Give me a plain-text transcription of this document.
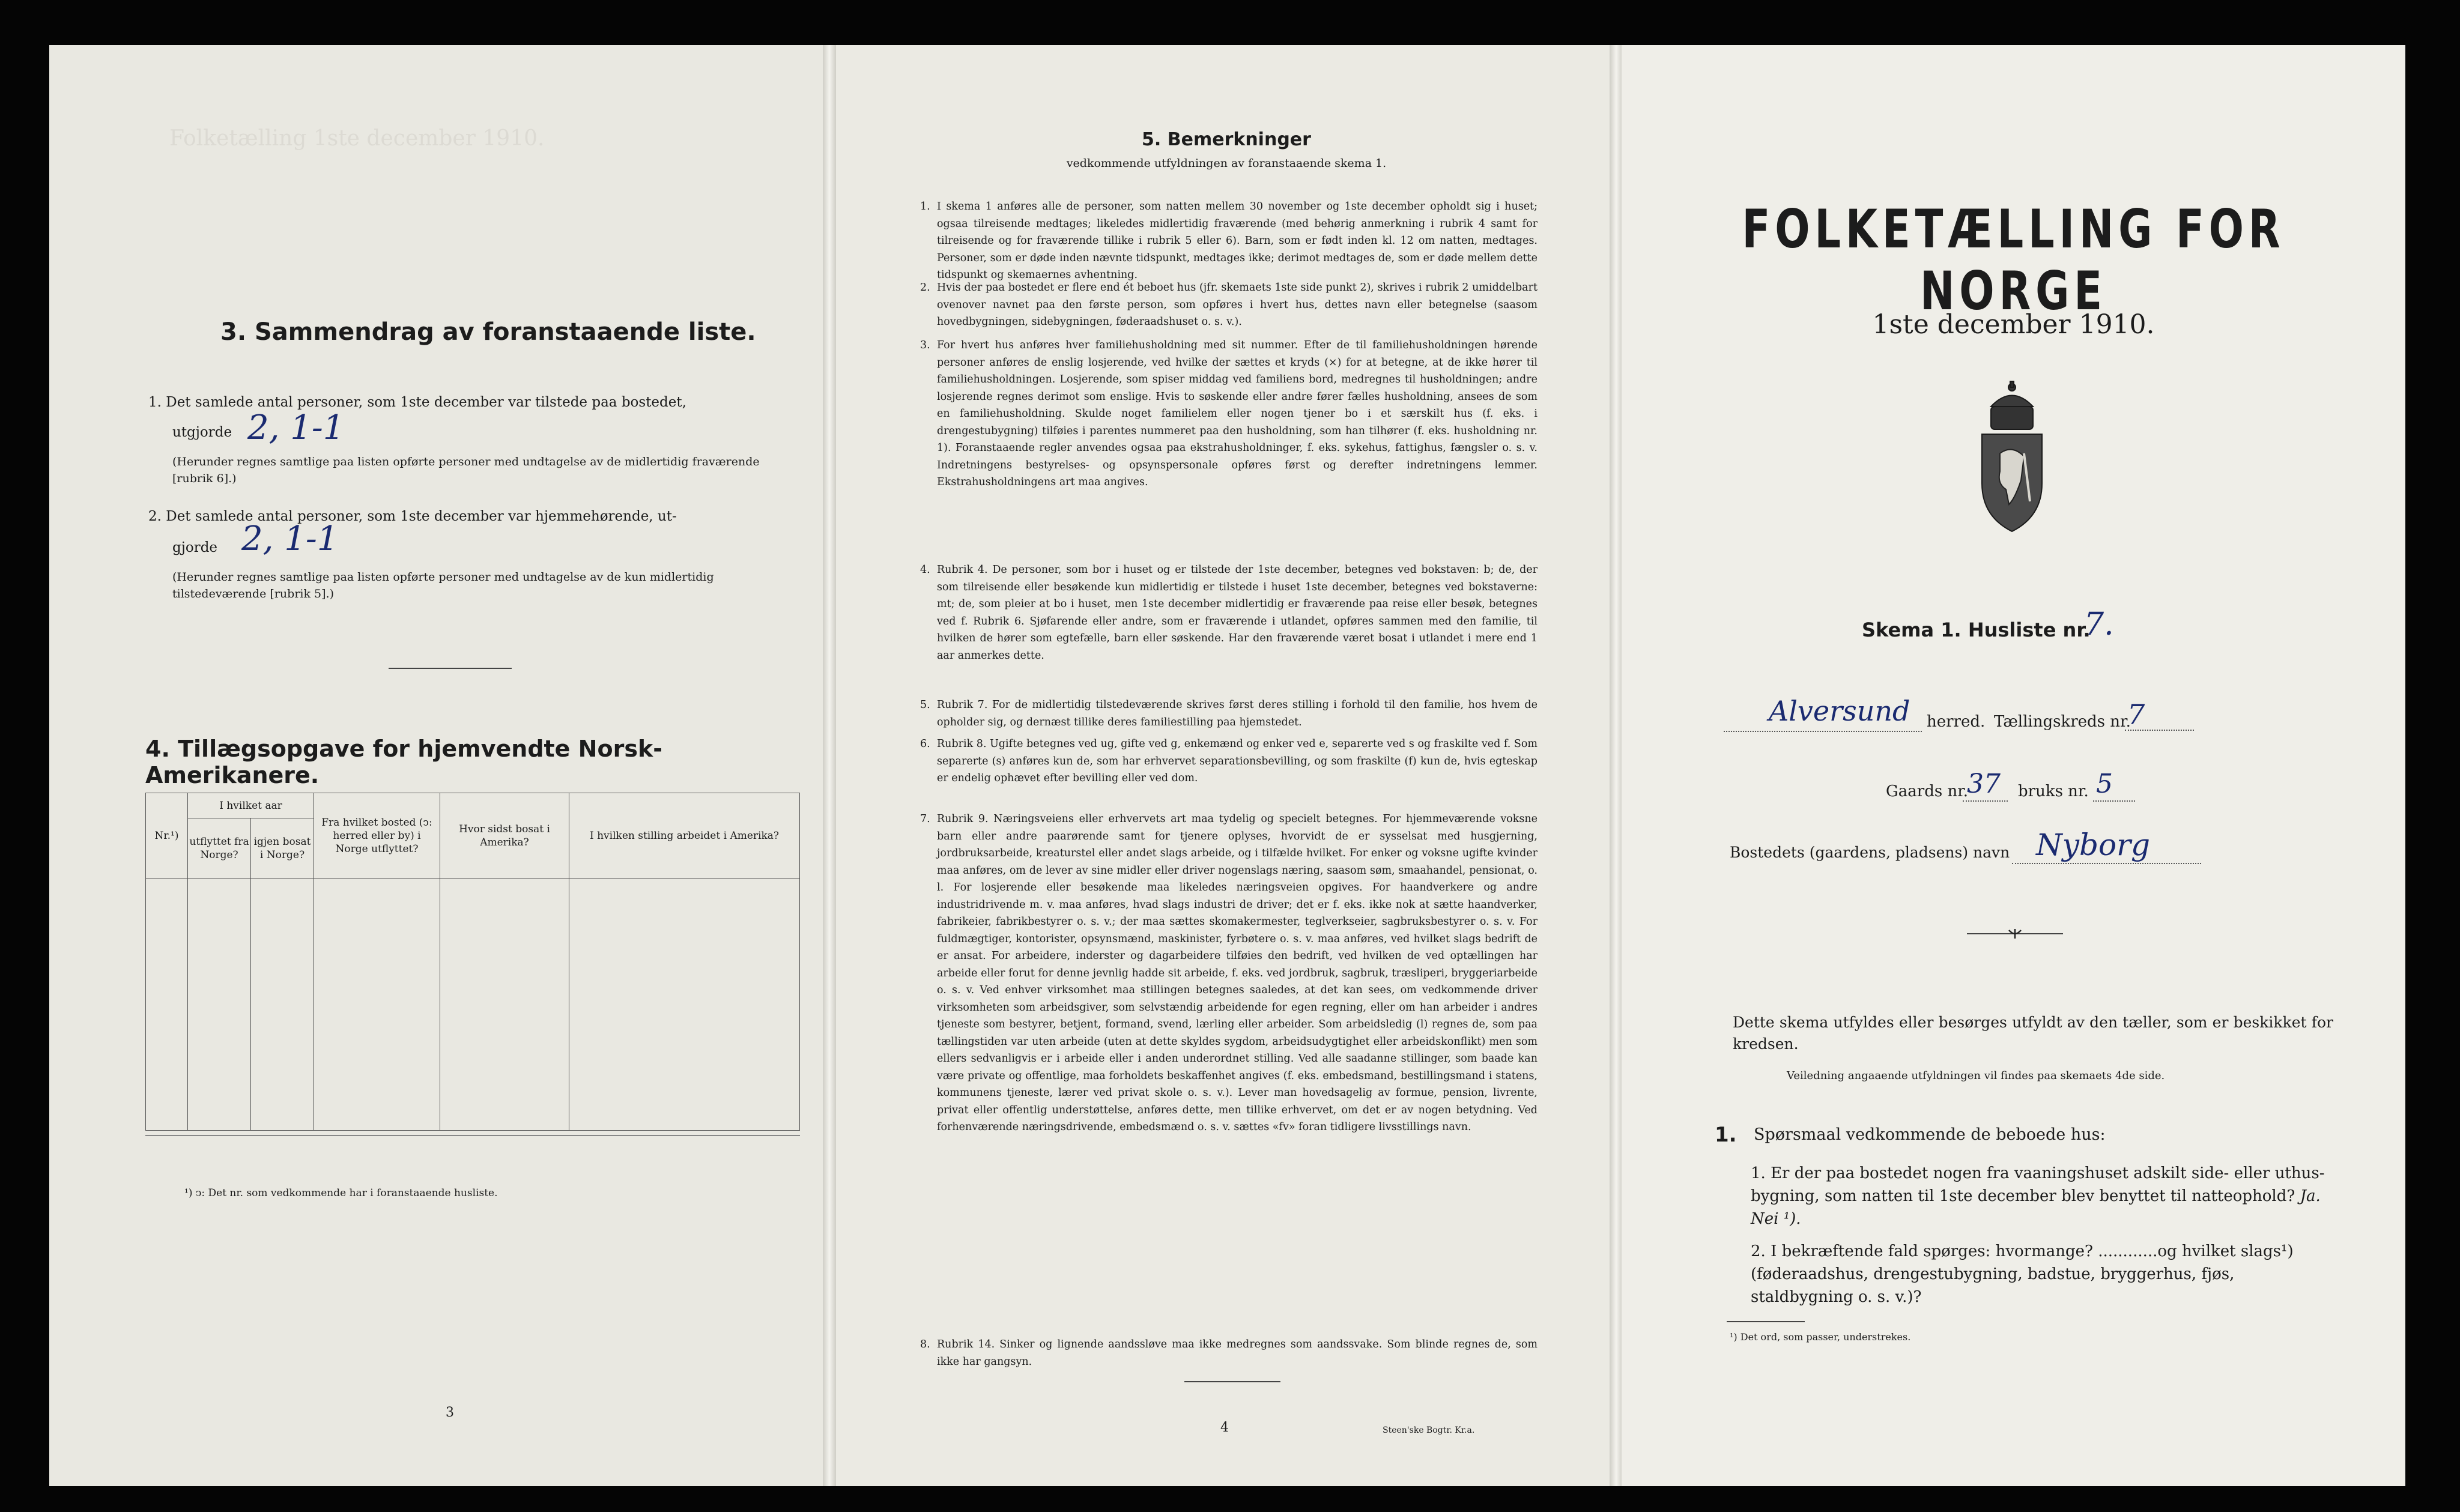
Folketælling 1ste december 1910.
3. Sammendrag av foranstaaende liste.
1. Det samlede antal personer, som 1ste december var tilstede paa bostedet,
utgjorde 2, 1-1
(Herunder regnes samtlige paa listen opførte personer med undtagelse av de midlertidig fraværende [rubrik 6].)
2. Det samlede antal personer, som 1ste december var hjemmehørende, ut-
gjorde 2, 1-1
(Herunder regnes samtlige paa listen opførte personer med undtagelse av de kun midlertidig tilstedeværende [rubrik 5].)
4. Tillægsopgave for hjemvendte Norsk-Amerikanere.
Nr.¹)	I hvilket aar		Fra hvilket bosted (ↄ: herred eller by) i Norge utflyttet?	Hvor sidst bosat i Amerika?	I hvilken stilling arbeidet i Amerika?
	utflyttet fra Norge?	igjen bosat i Norge?			

¹) ↄ: Det nr. som vedkommende har i foranstaaende husliste.
3
5. Bemerkninger
vedkommende utfyldningen av foranstaaende skema 1.
1. I skema 1 anføres alle de personer, som natten mellem 30 november og 1ste december opholdt sig i huset; ogsaa tilreisende medtages; likeledes midlertidig fraværende (med behørig anmerkning i rubrik 4 samt for tilreisende og for fraværende tillike i rubrik 5 eller 6). Barn, som er født inden kl. 12 om natten, medtages. Personer, som er døde inden nævnte tidspunkt, medtages ikke; derimot medtages de, som er døde mellem dette tidspunkt og skemaernes avhentning.
2. Hvis der paa bostedet er flere end ét beboet hus (jfr. skemaets 1ste side punkt 2), skrives i rubrik 2 umiddelbart ovenover navnet paa den første person, som opføres i hvert hus, dettes navn eller betegnelse (saasom hovedbygningen, sidebygningen, føderaadshuset o. s. v.).
3. For hvert hus anføres hver familiehusholdning med sit nummer. Efter de til familiehusholdningen hørende personer anføres de enslig losjerende, ved hvilke der sættes et kryds (×) for at betegne, at de ikke hører til familiehusholdningen. Losjerende, som spiser middag ved familiens bord, medregnes til husholdningen; andre losjerende regnes derimot som enslige. Hvis to søskende eller andre fører fælles husholdning, ansees de som en familiehusholdning. Skulde noget familielem eller nogen tjener bo i et særskilt hus (f. eks. i drengestubygning) tilføies i parentes nummeret paa den husholdning, som han tilhører (f. eks. husholdning nr. 1). Foranstaaende regler anvendes ogsaa paa ekstrahusholdninger, f. eks. sykehus, fattighus, fængsler o. s. v. Indretningens bestyrelses- og opsynspersonale opføres først og derefter indretningens lemmer. Ekstrahusholdningens art maa angives.
4. Rubrik 4. De personer, som bor i huset og er tilstede der 1ste december, betegnes ved bokstaven: b; de, der som tilreisende eller besøkende kun midlertidig er tilstede i huset 1ste december, betegnes ved bokstaverne: mt; de, som pleier at bo i huset, men 1ste december midlertidig er fraværende paa reise eller besøk, betegnes ved f. Rubrik 6. Sjøfarende eller andre, som er fraværende i utlandet, opføres sammen med den familie, til hvilken de hører som egtefælle, barn eller søskende. Har den fraværende været bosat i utlandet i mere end 1 aar anmerkes dette.
5. Rubrik 7. For de midlertidig tilstedeværende skrives først deres stilling i forhold til den familie, hos hvem de opholder sig, og dernæst tillike deres familiestilling paa hjemstedet.
6. Rubrik 8. Ugifte betegnes ved ug, gifte ved g, enkemænd og enker ved e, separerte ved s og fraskilte ved f. Som separerte (s) anføres kun de, som har erhvervet separationsbevilling, og som fraskilte (f) kun de, hvis egteskap er endelig ophævet efter bevilling eller ved dom.
7. Rubrik 9. Næringsveiens eller erhvervets art maa tydelig og specielt betegnes. For hjemmeværende voksne barn eller andre paarørende samt for tjenere oplyses, hvorvidt de er sysselsat med husgjerning, jordbruksarbeide, kreaturstel eller andet slags arbeide, og i tilfælde hvilket. For enker og voksne ugifte kvinder maa anføres, om de lever av sine midler eller driver nogenslags næring, saasom søm, smaahandel, pensionat, o. l. For losjerende eller besøkende maa likeledes næringsveien opgives. For haandverkere og andre industridrivende m. v. maa anføres, hvad slags industri de driver; det er f. eks. ikke nok at sætte haandverker, fabrikeier, fabrikbestyrer o. s. v.; der maa sættes skomakermester, teglverkseier, sagbruksbestyrer o. s. v. For fuldmægtiger, kontorister, opsynsmænd, maskinister, fyrbøtere o. s. v. maa anføres, ved hvilket slags bedrift de er ansat. For arbeidere, inderster og dagarbeidere tilføies den bedrift, ved hvilken de ved optællingen har arbeide eller forut for denne jevnlig hadde sit arbeide, f. eks. ved jordbruk, sagbruk, træsliperi, bryggeriarbeide o. s. v. Ved enhver virksomhet maa stillingen betegnes saaledes, at det kan sees, om vedkommende driver virksomheten som arbeidsgiver, som selvstændig arbeidende for egen regning, eller om han arbeider i andres tjeneste som bestyrer, betjent, formand, svend, lærling eller arbeider. Som arbeidsledig (l) regnes de, som paa tællingstiden var uten arbeide (uten at dette skyldes sygdom, arbeidsudygtighet eller arbeidskonflikt) men som ellers sedvanligvis er i arbeide eller i anden underordnet stilling. Ved alle saadanne stillinger, som baade kan være private og offentlige, maa forholdets beskaffenhet angives (f. eks. embedsmand, bestillingsmand i statens, kommunens tjeneste, lærer ved privat skole o. s. v.). Lever man hovedsagelig av formue, pension, livrente, privat eller offentlig understøttelse, anføres dette, men tillike erhvervet, om det er av nogen betydning. Ved forhenværende næringsdrivende, embedsmænd o. s. v. sættes «fv» foran tidligere livsstillings navn.
8. Rubrik 14. Sinker og lignende aandssløve maa ikke medregnes som aandssvake. Som blinde regnes de, som ikke har gangsyn.
4	Steen'ske Bogtr. Kr.a.
FOLKETÆLLING FOR NORGE
1ste december 1910.
Skema 1. Husliste nr.
7.
Alversund herred. Tællingskreds nr.
7
Gaards nr.
37 bruks nr. 5
Bostedets (gaardens, pladsens) navn Nyborg
Dette skema utfyldes eller besørges utfyldt av den tæller, som er beskikket for kredsen.
Veiledning angaaende utfyldningen vil findes paa skemaets 4de side.
1. Spørsmaal vedkommende de beboede hus:
1. Er der paa bostedet nogen fra vaaningshuset adskilt side- eller uthus-bygning, som natten til 1ste december blev benyttet til natteophold? Ja. Nei ¹).
2. I bekræftende fald spørges: hvormange? ............og hvilket slags¹) (føderaadshus, drengestubygning, badstue, bryggerhus, fjøs, staldbygning o. s. v.)?
¹) Det ord, som passer, understrekes.
